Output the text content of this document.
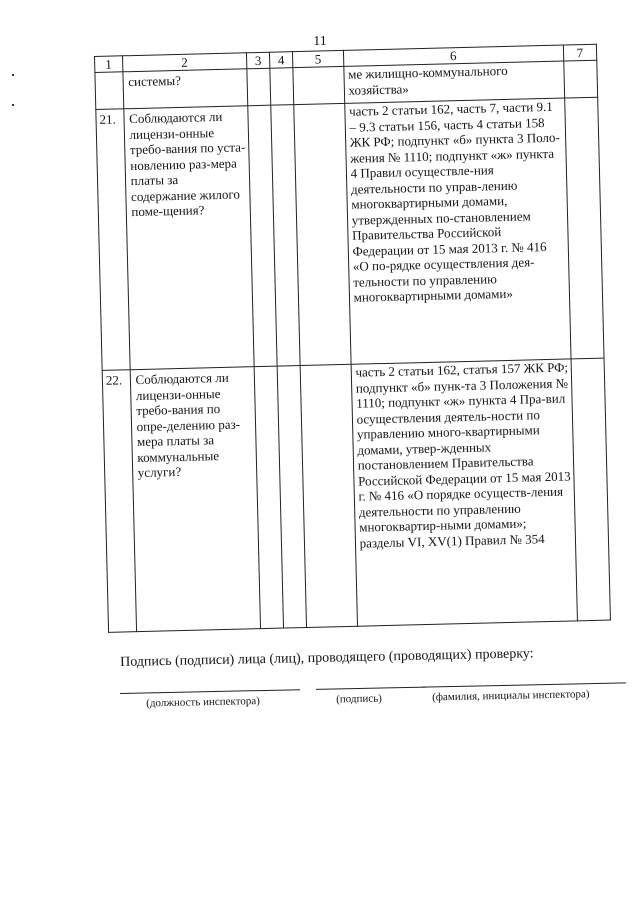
11
1	2	3	4	5	6	7
	системы?				ме жилищно-коммунального хозяйства»	
21.	Соблюдаются ли лицензи-онные требо-вания по уста-новлению раз-мера платы за содержание жилого поме-щения?				часть 2 статьи 162, часть 7, части 9.1 – 9.3 статьи 156, часть 4 статьи 158 ЖК РФ; подпункт «б» пункта 3 Поло-жения № 1110; подпункт «ж» пункта 4 Правил осуществле-ния деятельности по управ-лению многоквартирными домами, утвержденных по-становлением Правительства Российской Федерации от 15 мая 2013 г. № 416 «О по-рядке осуществления дея-тельности по управлению многоквартирными домами»	
22.	Соблюдаются ли лицензи-онные требо-вания по опре-делению раз-мера платы за коммунальные услуги?				часть 2 статьи 162, статья 157 ЖК РФ; подпункт «б» пунк-та 3 Положения № 1110; подпункт «ж» пункта 4 Пра-вил осуществления деятель-ности по управлению много-квартирными домами, утвер-жденных постановлением Правительства Российской Федерации от 15 мая 2013 г. № 416 «О порядке осуществ-ления деятельности по управлению многоквартир-ными домами»; разделы VI, XV(1) Правил № 354	
Подпись (подписи) лица (лиц), проводящего (проводящих) проверку:
(должность инспектора)	(подпись)	(фамилия, инициалы инспектора)
